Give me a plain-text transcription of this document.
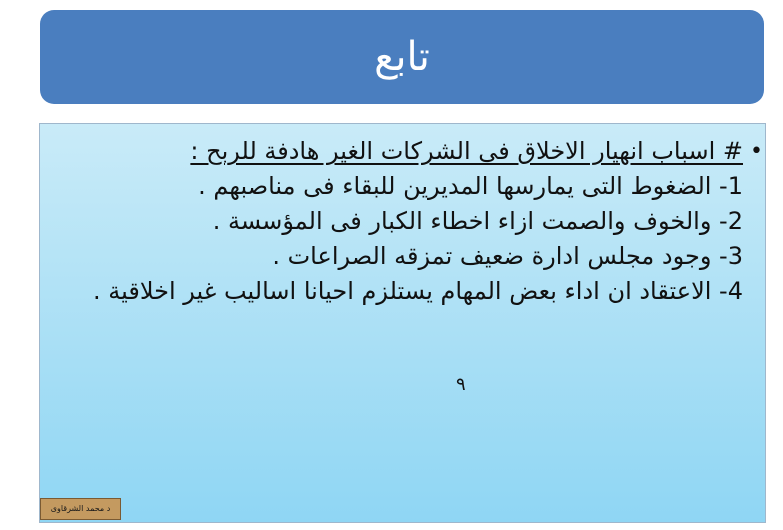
تابع
•
# اسباب انهيار الاخلاق فى الشركات الغير هادفة للربح :
1- الضغوط التى يمارسها المديرين للبقاء فى مناصبهم .
2- والخوف والصمت ازاء اخطاء الكبار فى المؤسسة .
3- وجود مجلس ادارة ضعيف تمزقه الصراعات .
4- الاعتقاد ان اداء بعض المهام يستلزم احيانا اساليب غير اخلاقية .
٩
د محمد الشرقاوى
